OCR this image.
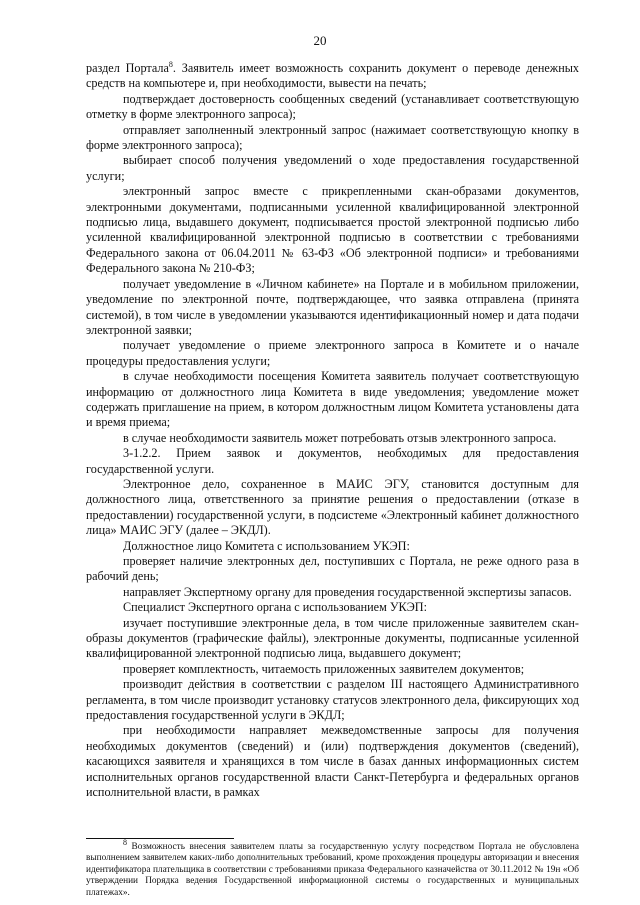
20

раздел Портала$^8$. Заявитель имеет возможность сохранить документ о переводе денежных средств на компьютере и, при необходимости, вывести на печать;

подтверждает достоверность сообщенных сведений (устанавливает соответствующую отметку в форме электронного запроса);

отправляет заполненный электронный запрос (нажимает соответствующую кнопку в форме электронного запроса);

выбирает способ получения уведомлений о ходе предоставления государственной услуги;

электронный запрос вместе с прикрепленными скан-образами документов, электронными документами, подписанными усиленной квалифицированной электронной подписью лица, выдавшего документ, подписывается простой электронной подписью либо усиленной квалифицированной электронной подписью в соответствии с требованиями Федерального закона от 06.04.2011 № 63-ФЗ «Об электронной подписи» и требованиями Федерального закона № 210-ФЗ;

получает уведомление в «Личном кабинете» на Портале и в мобильном приложении, уведомление по электронной почте, подтверждающее, что заявка отправлена (принята системой), в том числе в уведомлении указываются идентификационный номер и дата подачи электронной заявки;

получает уведомление о приеме электронного запроса в Комитете и о начале процедуры предоставления услуги;

в случае необходимости посещения Комитета заявитель получает соответствующую информацию от должностного лица Комитета в виде уведомления; уведомление может содержать приглашение на прием, в котором должностным лицом Комитета установлены дата и время приема;

в случае необходимости заявитель может потребовать отзыв электронного запроса.

3-1.2.2. Прием заявок и документов, необходимых для предоставления государственной услуги.

Электронное дело, сохраненное в МАИС ЭГУ, становится доступным для должностного лица, ответственного за принятие решения о предоставлении (отказе в предоставлении) государственной услуги, в подсистеме «Электронный кабинет должностного лица» МАИС ЭГУ (далее – ЭКДЛ).

Должностное лицо Комитета с использованием УКЭП:

проверяет наличие электронных дел, поступивших с Портала, не реже одного раза в рабочий день;

направляет Экспертному органу для проведения государственной экспертизы запасов.

Специалист Экспертного органа с использованием УКЭП:

изучает поступившие электронные дела, в том числе приложенные заявителем скан-образы документов (графические файлы), электронные документы, подписанные усиленной квалифицированной электронной подписью лица, выдавшего документ;

проверяет комплектность, читаемость приложенных заявителем документов;

производит действия в соответствии с разделом III настоящего Административного регламента, в том числе производит установку статусов электронного дела, фиксирующих ход предоставления государственной услуги в ЭКДЛ;

при необходимости направляет межведомственные запросы для получения необходимых документов (сведений) и (или) подтверждения документов (сведений), касающихся заявителя и хранящихся в том числе в базах данных информационных систем исполнительных органов государственной власти Санкт-Петербурга и федеральных органов исполнительной власти, в рамках

$^8$ Возможность внесения заявителем платы за государственную услугу посредством Портала не обусловлена выполнением заявителем каких-либо дополнительных требований, кроме прохождения процедуры авторизации и внесения идентификатора плательщика в соответствии с требованиями приказа Федерального казначейства от 30.11.2012 № 19н «Об утверждении Порядка ведения Государственной информационной системы о государственных и муниципальных платежах».
